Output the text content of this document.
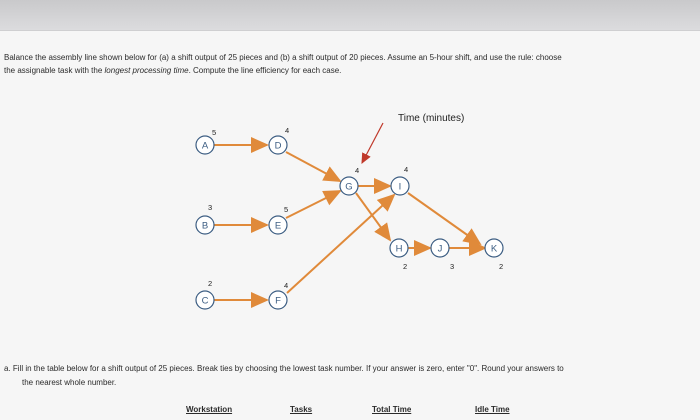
Balance the assembly line shown below for (a) a shift output of 25 pieces and (b) a shift output of 20 pieces. Assume an 5-hour shift, and use the rule: choose
the assignable task with the longest processing time. Compute the line efficiency for each case.
Time (minutes)
A
5
B
3
C
2
D
4
E
5
F
4
G
4
I
4
H
2
J
3
K
2
a. Fill in the table below for a shift output of 25 pieces. Break ties by choosing the lowest task number. If your answer is zero, enter "0". Round your answers to
the nearest whole number.
Workstation	Tasks	Total Time	Idle Time
